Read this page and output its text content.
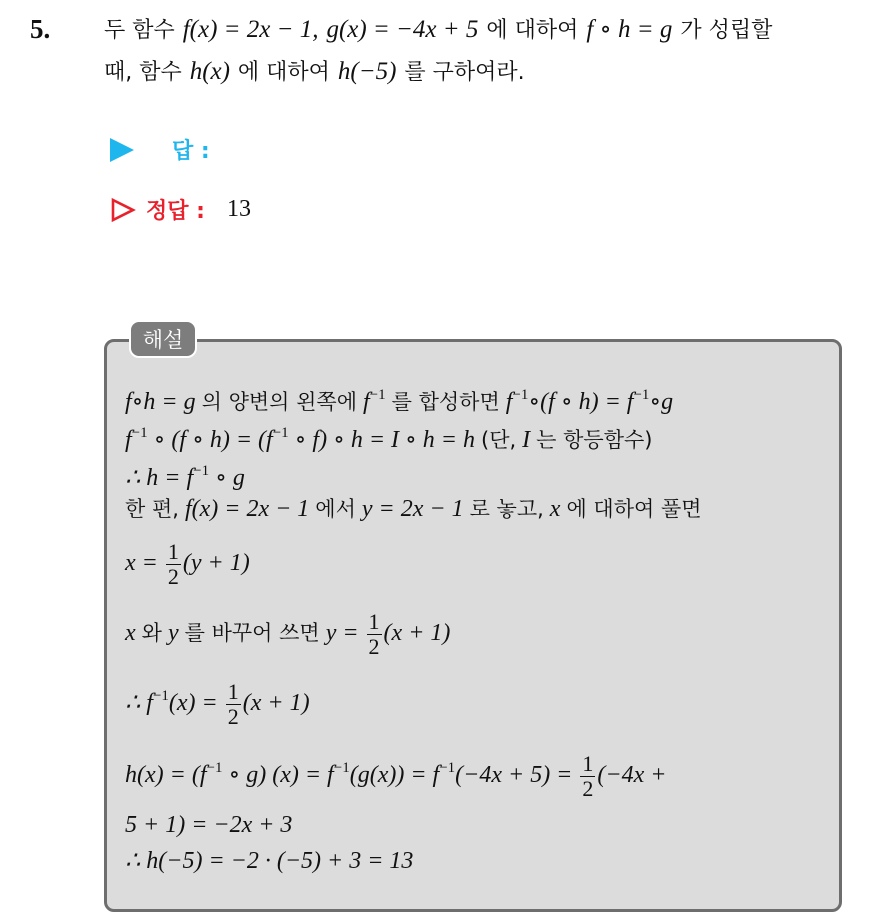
5. 두 함수 f(x) = 2x − 1, g(x) = −4x + 5 에 대하여 f ∘ h = g 가 성립할
때, 함수 h(x) 에 대하여 h(−5) 를 구하여라.
답 :
정답 : 13
해설
f∘h = g 의 양변의 왼쪽에 $f^{-1}$ 를 합성하면 $f^{-1}\circ(f$ ∘ $h) = f^{-1}\circ g$
$f^{-1}$ ∘ (f ∘ $h) = (f^{-1}$ ∘ f) ∘ h = I ∘ h = h (단, I 는 항등함수)
∴ $h = f^{-1}$ ∘ g
한 편, f(x) = 2x − 1 에서 y = 2x − 1 로 놓고, x 에 대하여 풀면
$x = \frac{1}{2} (y + 1)$
x 와 y 를 바꾸어 쓰면 $y = \frac{1}{2} (x + 1)$
∴ $f^{-1}(x) = \frac{1}{2} (x + 1)$
$h(x) = (f^{-1}$ ∘ g) $(x) = f^{-1}(g(x)) = f^{-1}(-4x + 5) = \frac{1}{2} (-4x$ +
5 + 1) = −2x + 3
∴ h(−5) = −2 · (−5) + 3 = 13
